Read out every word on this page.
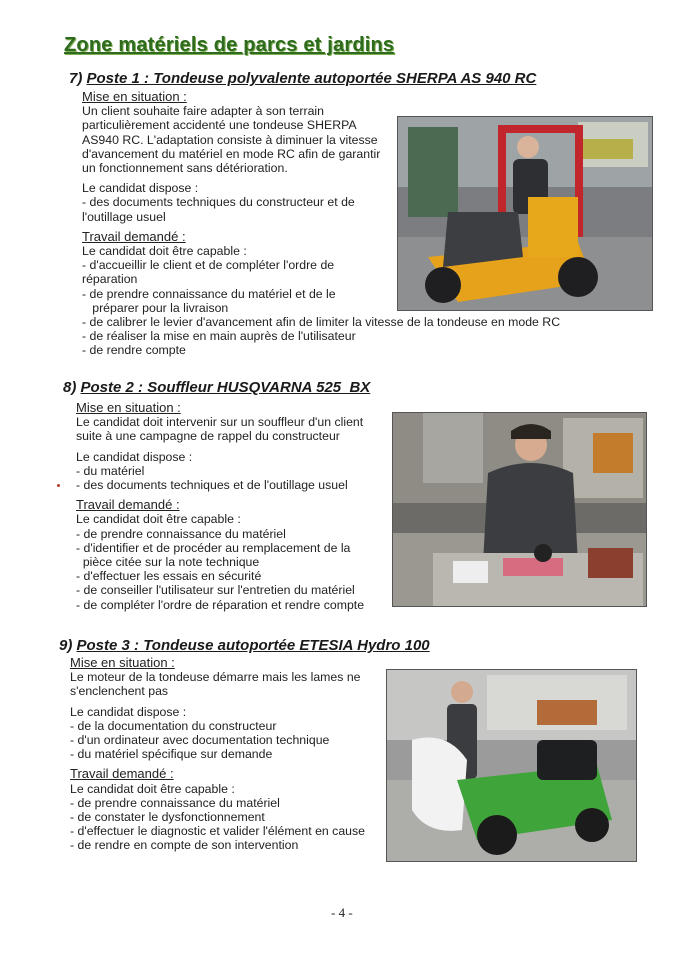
Zone matériels de parcs et jardins
7) Poste 1 : Tondeuse polyvalente autoportée SHERPA AS 940 RC
Mise en situation :
Un client souhaite faire adapter à son terrain
particulièrement accidenté une tondeuse SHERPA
AS940 RC. L'adaptation consiste à diminuer la vitesse
d'avancement du matériel en mode RC afin de garantir
un fonctionnement sans détérioration.
Le candidat dispose :
- des documents techniques du constructeur et de
l'outillage usuel
Travail demandé :
Le candidat doit être capable :
- d'accueillir le client et de compléter l'ordre de
réparation
- de prendre connaissance du matériel et de le
préparer pour la livraison
- de calibrer le levier d'avancement afin de limiter la vitesse de la tondeuse en mode RC
- de réaliser la mise en main auprès de l'utilisateur
- de rendre compte
8) Poste 2 : Souffleur HUSQVARNA 525  BX
Mise en situation :
Le candidat doit intervenir sur un souffleur d'un client
suite à une campagne de rappel du constructeur
Le candidat dispose :
- du matériel
- des documents techniques et de l'outillage usuel
Travail demandé :
Le candidat doit être capable :
- de prendre connaissance du matériel
- d'identifier et de procéder au remplacement de la
pièce citée sur la note technique
- d'effectuer les essais en sécurité
- de conseiller l'utilisateur sur l'entretien du matériel
- de compléter l'ordre de réparation et rendre compte
9) Poste 3 : Tondeuse autoportée ETESIA Hydro 100
Mise en situation :
Le moteur de la tondeuse démarre mais les lames ne
s'enclenchent pas
Le candidat dispose :
- de la documentation du constructeur
- d'un ordinateur avec documentation technique
- du matériel spécifique sur demande
Travail demandé :
Le candidat doit être capable :
- de prendre connaissance du matériel
- de constater le dysfonctionnement
- d'effectuer le diagnostic et valider l'élément en cause
- de rendre en compte de son intervention
- 4 -
